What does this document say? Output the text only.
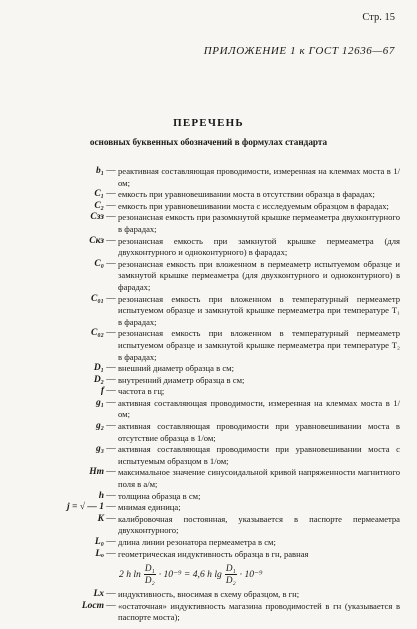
Стр. 15
ПРИЛОЖЕНИЕ 1 к ГОСТ 12636—67
ПЕРЕЧЕНЬ
основных буквенных обозначений в формулах стандарта
b₁ — реактивная составляющая проводимости, измеренная на клеммах моста в 1/ом;
C₁ — емкость при уравновешивании моста в отсутствии образца в фарадах;
C₂ — емкость при уравновешивании моста с исследуемым образцом в фарадах;
Cзз — резонансная емкость при разомкнутой крышке пермеаметра двухконтурного в фарадах;
Cкз — резонансная емкость при замкнутой крышке пермеаметра (для двухконтурного и одноконтурного) в фарадах;
C₀ — резонансная емкость при вложенном в пермеаметр испытуемом образце и замкнутой крышке пермеаметра (для двухконтурного и одноконтурного) в фарадах;
C₀₁ — резонансная емкость при вложенном в температурный пермеаметр испытуемом образце и замкнутой крышке пермеаметра при температуре T₁ в фарадах;
C₀₂ — резонансная емкость при вложенном в температурный пермеаметр испытуемом образце и замкнутой крышке пермеаметра при температуре T₂ в фарадах;
D₁ — внешний диаметр образца в см;
D₂ — внутренний диаметр образца в см;
f — частота в гц;
g₁ — активная составляющая проводимости, измеренная на клеммах моста в 1/ом;
g₂ — активная составляющая проводимости при уравновешивании моста в отсутствие образца в 1/ом;
g₃ — активная составляющая проводимости при уравновешивании моста с испытуемым образцом в 1/ом;
Hm — максимальное значение синусоидальной кривой напряженности магнитного поля в а/м;
h — толщина образца в см;
j = √ — 1 — мнимая единица;
K — калибровочная постоянная, указывается в паспорте пермеаметра двухконтурного;
L₀ — длина линии резонатора пермеаметра в см;
Lₒ — геометрическая индуктивность образца в гн, равная
2 h $\ln \frac{\text{D₁}}{\text{D₂}} \cdot 10^{-9} = 4,6$ h $\lg \frac{\text{D₁}}{\text{D₂}} \cdot 10^{-9}$
Lx — индуктивность, вносимая в схему образцом, в гн;
Lост — «остаточная» индуктивность магазина проводимостей в гн (указывается в паспорте моста);
